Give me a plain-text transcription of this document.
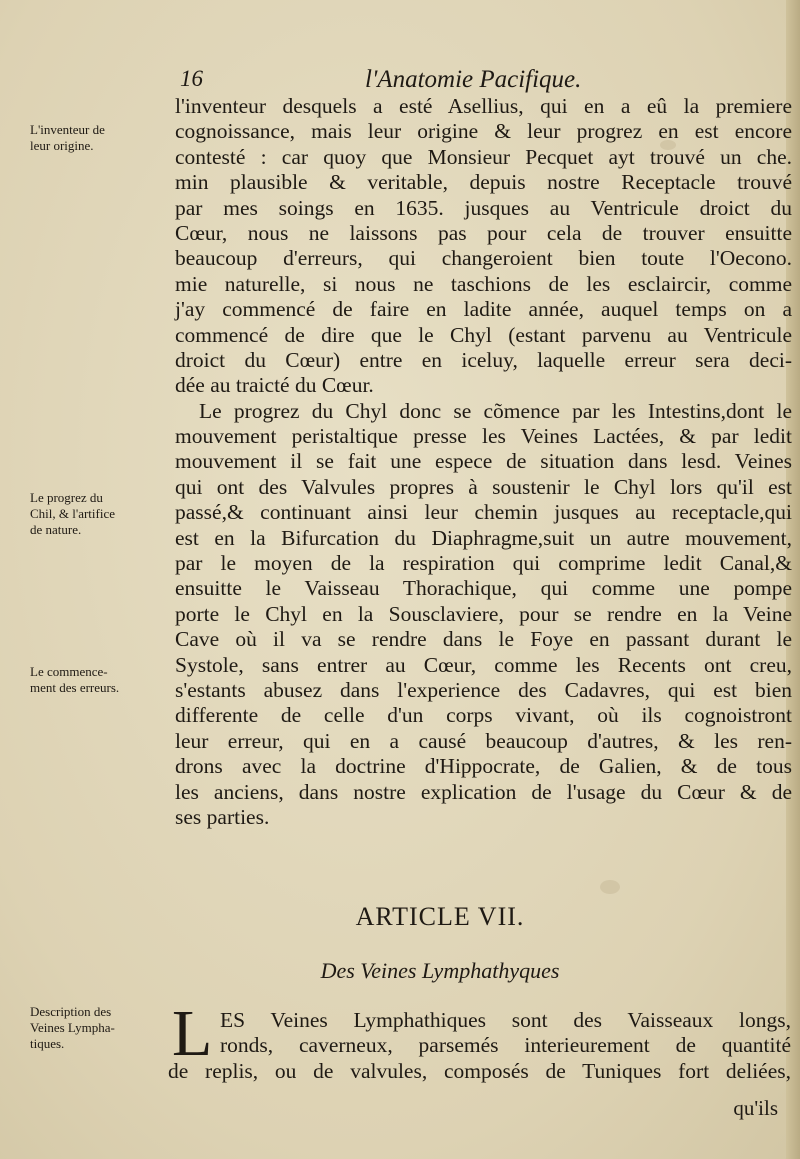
16	l'Anatomie Pacifique.
L'inventeur de
leur origine.
Le progrez du
Chil, & l'artifice
de nature.
Le commence-
ment des erreurs.
Description des
Veines Lympha-
tiques.
l'inventeur desquels a esté Asellius, qui en a eû la premiere
cognoissance, mais leur origine & leur progrez en est encore
contesté : car quoy que Monsieur Pecquet ayt trouvé un che.
min plausible & veritable, depuis nostre Receptacle trouvé
par mes soings en 1635. jusques au Ventricule droict du
Cœur, nous ne laissons pas pour cela de trouver ensuitte
beaucoup d'erreurs, qui changeroient bien toute l'Oecono.
mie naturelle, si nous ne taschions de les esclaircir, comme
j'ay commencé de faire en ladite année, auquel temps on a
commencé de dire que le Chyl (estant parvenu au Ventricule
droict du Cœur) entre en iceluy, laquelle erreur sera deci-
dée au traicté du Cœur.
Le progrez du Chyl donc se cõmence par les Intestins,dont le
mouvement peristaltique presse les Veines Lactées, & par ledit
mouvement il se fait une espece de situation dans lesd. Veines
qui ont des Valvules propres à soustenir le Chyl lors qu'il est
passé,& continuant ainsi leur chemin jusques au receptacle,qui
est en la Bifurcation du Diaphragme,suit un autre mouvement,
par le moyen de la respiration qui comprime ledit Canal,&
ensuitte le Vaisseau Thorachique, qui comme une pompe
porte le Chyl en la Sousclaviere, pour se rendre en la Veine
Cave où il va se rendre dans le Foye en passant durant le
Systole, sans entrer au Cœur, comme les Recents ont creu,
s'estants abusez dans l'experience des Cadavres, qui est bien
differente de celle d'un corps vivant, où ils cognoistront
leur erreur, qui en a causé beaucoup d'autres, & les ren-
drons avec la doctrine d'Hippocrate, de Galien, & de tous
les anciens, dans nostre explication de l'usage du Cœur & de
ses parties.
ARTICLE VII.
Des Veines Lymphathyques
L ES Veines Lymphathiques sont des Vaisseaux longs,
ronds, caverneux, parsemés interieurement de quantité
de replis, ou de valvules, composés de Tuniques fort deliées,
qu'ils
